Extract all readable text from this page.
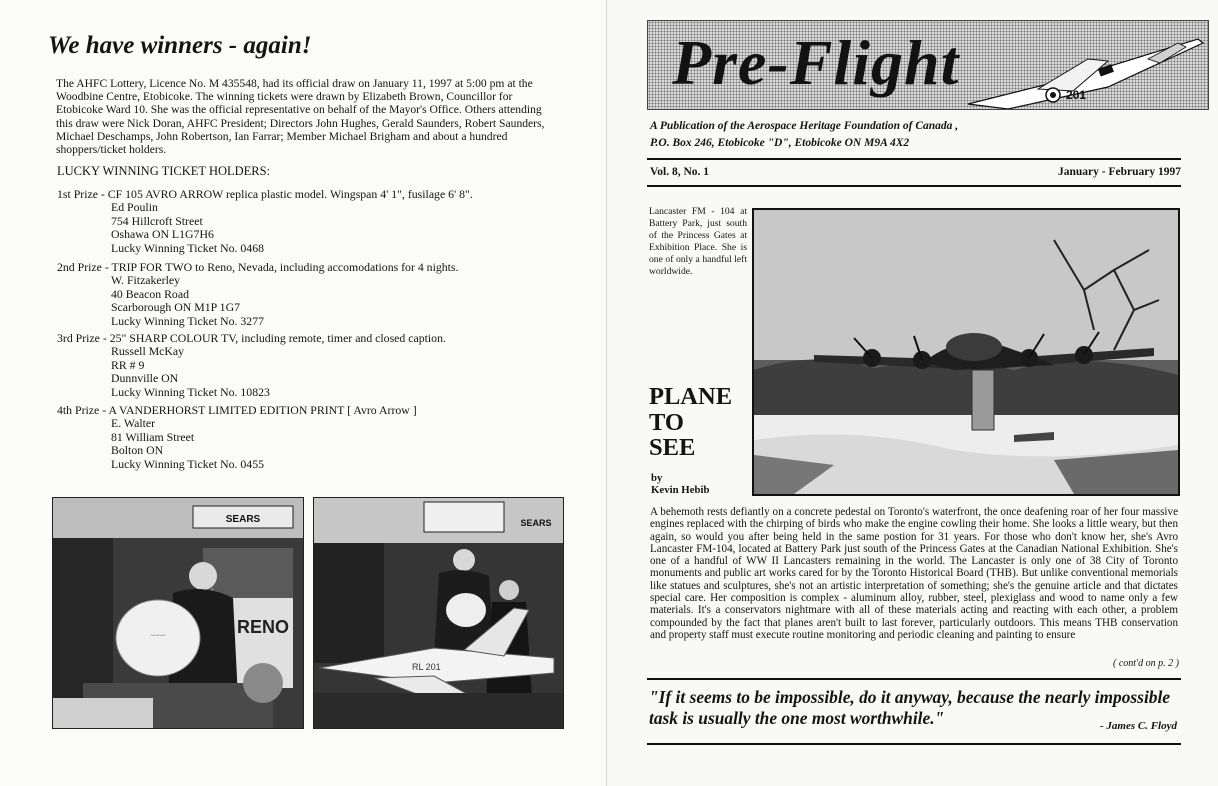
We have winners - again!

The AHFC Lottery, Licence No. M 435548, had its official draw on January 11, 1997 at 5:00 pm at the Woodbine Centre, Etobicoke. The winning tickets were drawn by Elizabeth Brown, Councillor for Etobicoke Ward 10. She was the official representative on behalf of the Mayor's Office. Others attending this draw were Nick Doran, AHFC President; Directors John Hughes, Gerald Saunders, Robert Saunders, Michael Deschamps, John Robertson, Ian Farrar; Member Michael Brigham and about a hundred shoppers/ticket holders.

LUCKY WINNING TICKET HOLDERS:

1st Prize - CF 105 AVRO ARROW replica plastic model. Wingspan 4' 1", fusilage 6' 8".
Ed Poulin
754 Hillcroft Street
Oshawa ON L1G7H6
Lucky Winning Ticket No. 0468
2nd Prize - TRIP FOR TWO to Reno, Nevada, including accomodations for 4 nights.
W. Fitzakerley
40 Beacon Road
Scarborough ON M1P 1G7
Lucky Winning Ticket No. 3277
3rd Prize - 25" SHARP COLOUR TV, including remote, timer and closed caption.
Russell McKay
RR # 9
Dunnville ON
Lucky Winning Ticket No. 10823
4th Prize - A VANDERHORST LIMITED EDITION PRINT [ Avro Arrow ]
E. Walter
81 William Street
Bolton ON
Lucky Winning Ticket No. 0455
SEARS
RENO
~~~~
SEARS
RL 201
Pre-Flight	201

A Publication of the Aerospace Heritage Foundation of Canada ,
P.O. Box 246, Etobicoke "D", Etobicoke ON M9A 4X2

Vol. 8, No. 1	January - February 1997
Lancaster FM - 104 at Battery Park, just south of the Princess Gates at Exhibition Place. She is one of only a handful left worldwide.
PLANE
TO
SEE
by
Kevin Hebib

A behemoth rests defiantly on a concrete pedestal on Toronto's waterfront, the once deafening roar of her four massive engines replaced with the chirping of birds who make the engine cowling their home. She looks a little weary, but then again, so would you after being held in the same postion for 31 years. For those who don't know her, she's Avro Lancaster FM-104, located at Battery Park just south of the Princess Gates at the Canadian National Exhibition. She's one of a handful of WW II Lancasters remaining in the world. The Lancaster is only one of 38 City of Toronto monuments and public art works cared for by the Toronto Historical Board (THB). But unlike conventional memorials like statues and sculptures, she's not an artistic interpretation of something; she's the genuine article and that dictates special care. Her composition is complex - aluminum alloy, rubber, steel, plexiglass and wood to name only a few materials. It's a conservators nightmare with all of these materials acting and reacting with each other, a problem compounded by the fact that planes aren't built to last forever, particularly outdoors. This means THB conservation and property staff must execute routine monitoring and periodic cleaning and painting to ensure

( cont'd on p. 2 )

"If it seems to be impossible, do it anyway, because the nearly impossible task is usually the one most worthwhile."	- James C. Floyd
